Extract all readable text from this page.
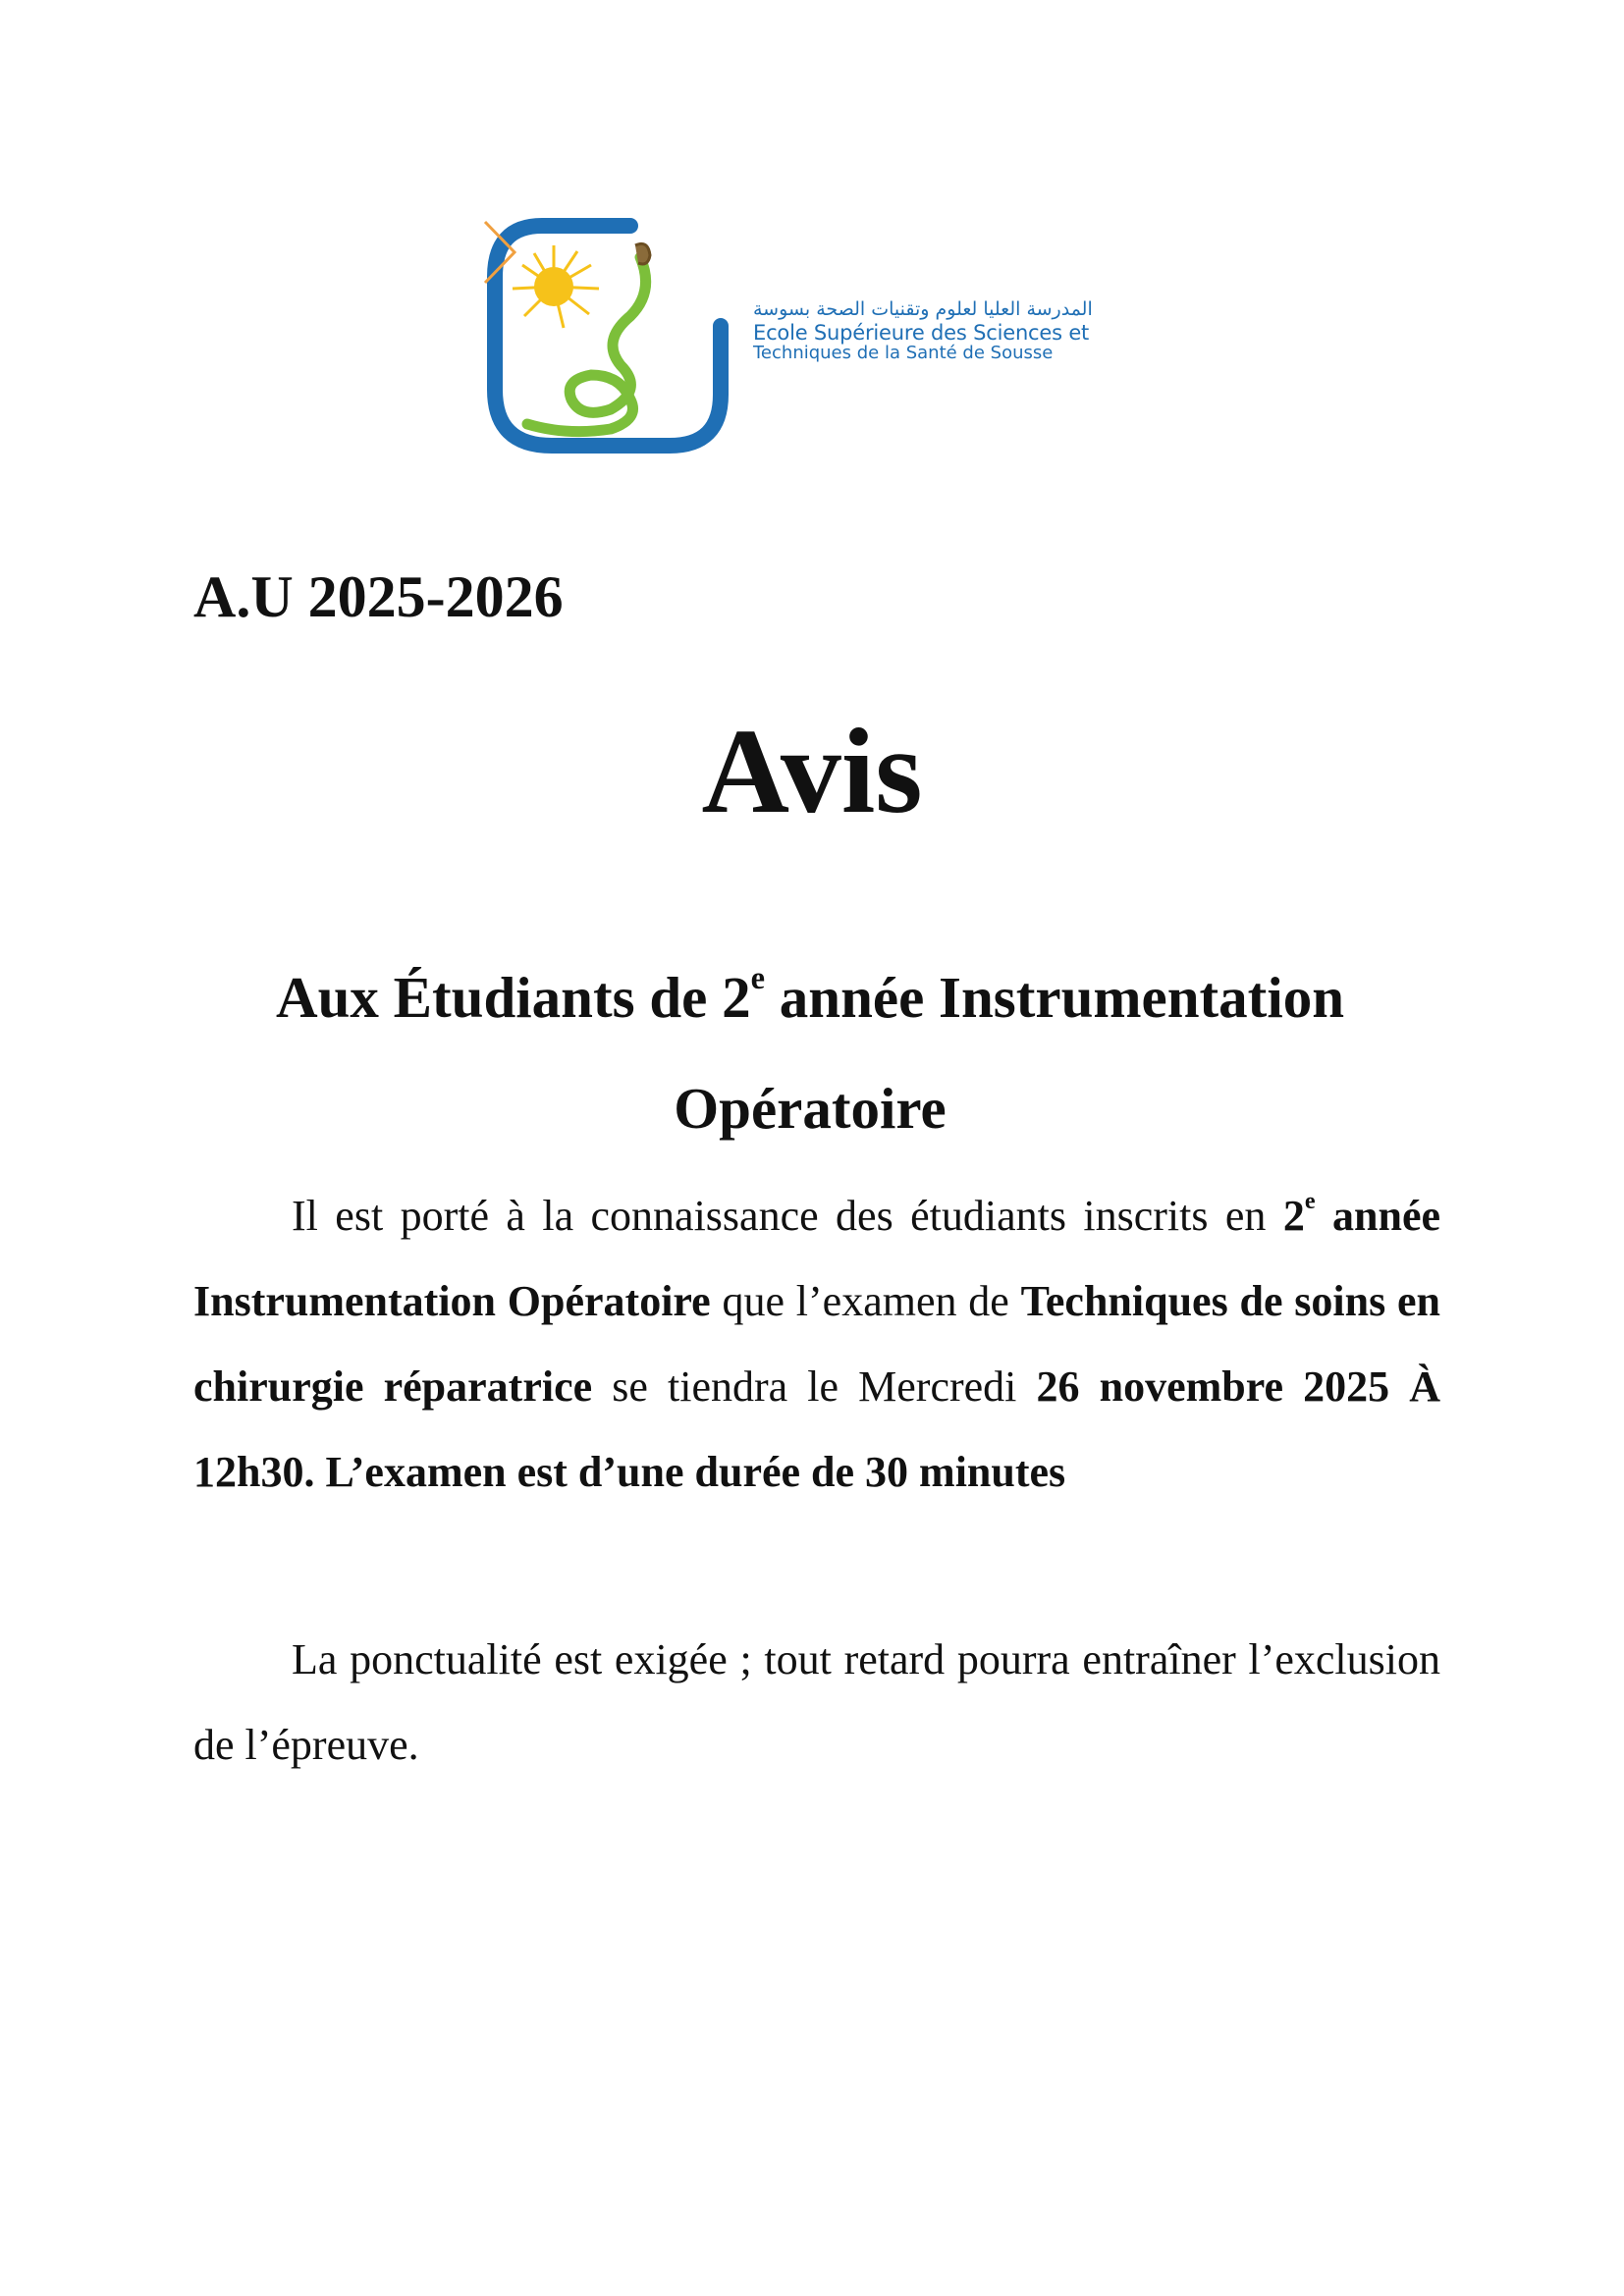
المدرسة العليا لعلوم وتقنيات الصحة بسوسة
Ecole Supérieure des Sciences et
Techniques de la Santé de Sousse
A.U 2025-2026
Avis
Aux Étudiants de 2e année Instrumentation Opératoire

Il est porté à la connaissance des étudiants inscrits en 2e année Instrumentation Opératoire que l’examen de Techniques de soins en chirurgie réparatrice se tiendra le Mercredi 26 novembre 2025 À 12h30. L’examen est d’une durée de 30 minutes

La ponctualité est exigée ; tout retard pourra entraîner l’exclusion de l’épreuve.
